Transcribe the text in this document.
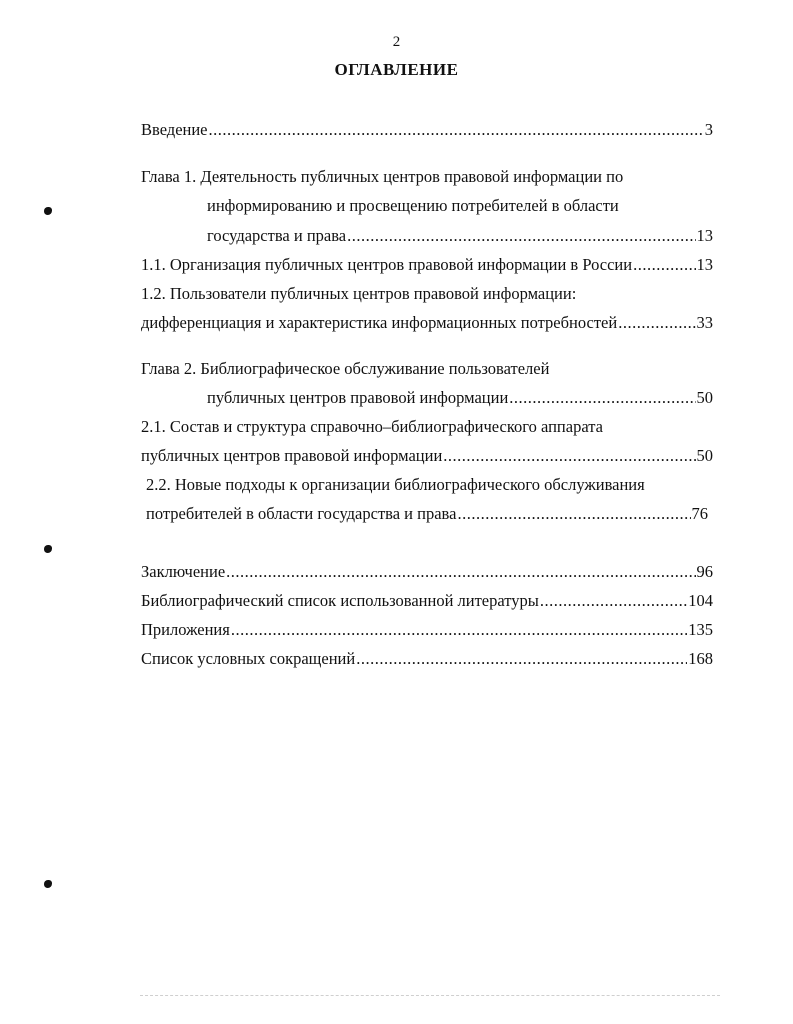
2
ОГЛАВЛЕНИЕ
Введение .....	3
Глава 1. Деятельность публичных центров правовой информации по
информированию и просвещению потребителей в области
государства и права .....	13
1.1. Организация публичных центров правовой информации в России .....	13
1.2. Пользователи публичных центров правовой информации:
дифференциация и характеристика информационных потребностей .....	33
Глава 2. Библиографическое обслуживание пользователей
публичных центров правовой информации .....	50
2.1. Состав и структура справочно–библиографического аппарата
публичных центров правовой информации .....	50
2.2. Новые подходы к организации библиографического обслуживания
потребителей в области государства и права .....	76
Заключение .....	96
Библиографический список использованной литературы .....	104
Приложения .....	135
Список условных сокращений .....	168
